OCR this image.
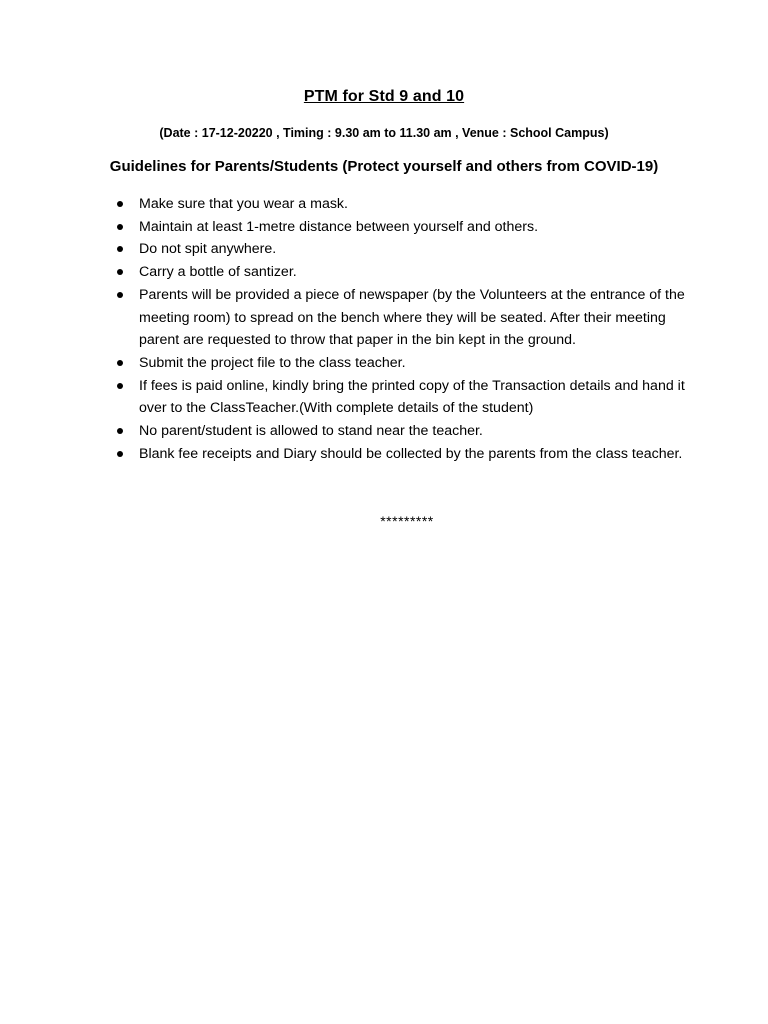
PTM for Std 9 and 10
(Date : 17-12-20220 , Timing : 9.30 am to 11.30 am , Venue : School Campus)
Guidelines for Parents/Students (Protect yourself and others from COVID-19)
Make sure that you wear a mask.
Maintain at least 1-metre distance between yourself and others.
Do not spit anywhere.
Carry a bottle of santizer.
Parents will be provided a piece of newspaper (by the Volunteers at the entrance of the meeting room) to spread on the bench where they will be seated. After their meeting parent are requested to throw that paper in the bin kept in the ground.
Submit the project file to the class teacher.
If fees is paid online, kindly bring the printed copy of the Transaction details and hand it over to the ClassTeacher.(With complete details of the student)
No parent/student is allowed to stand near the teacher.
Blank fee receipts and Diary should be collected by the parents from the class teacher.
*********
